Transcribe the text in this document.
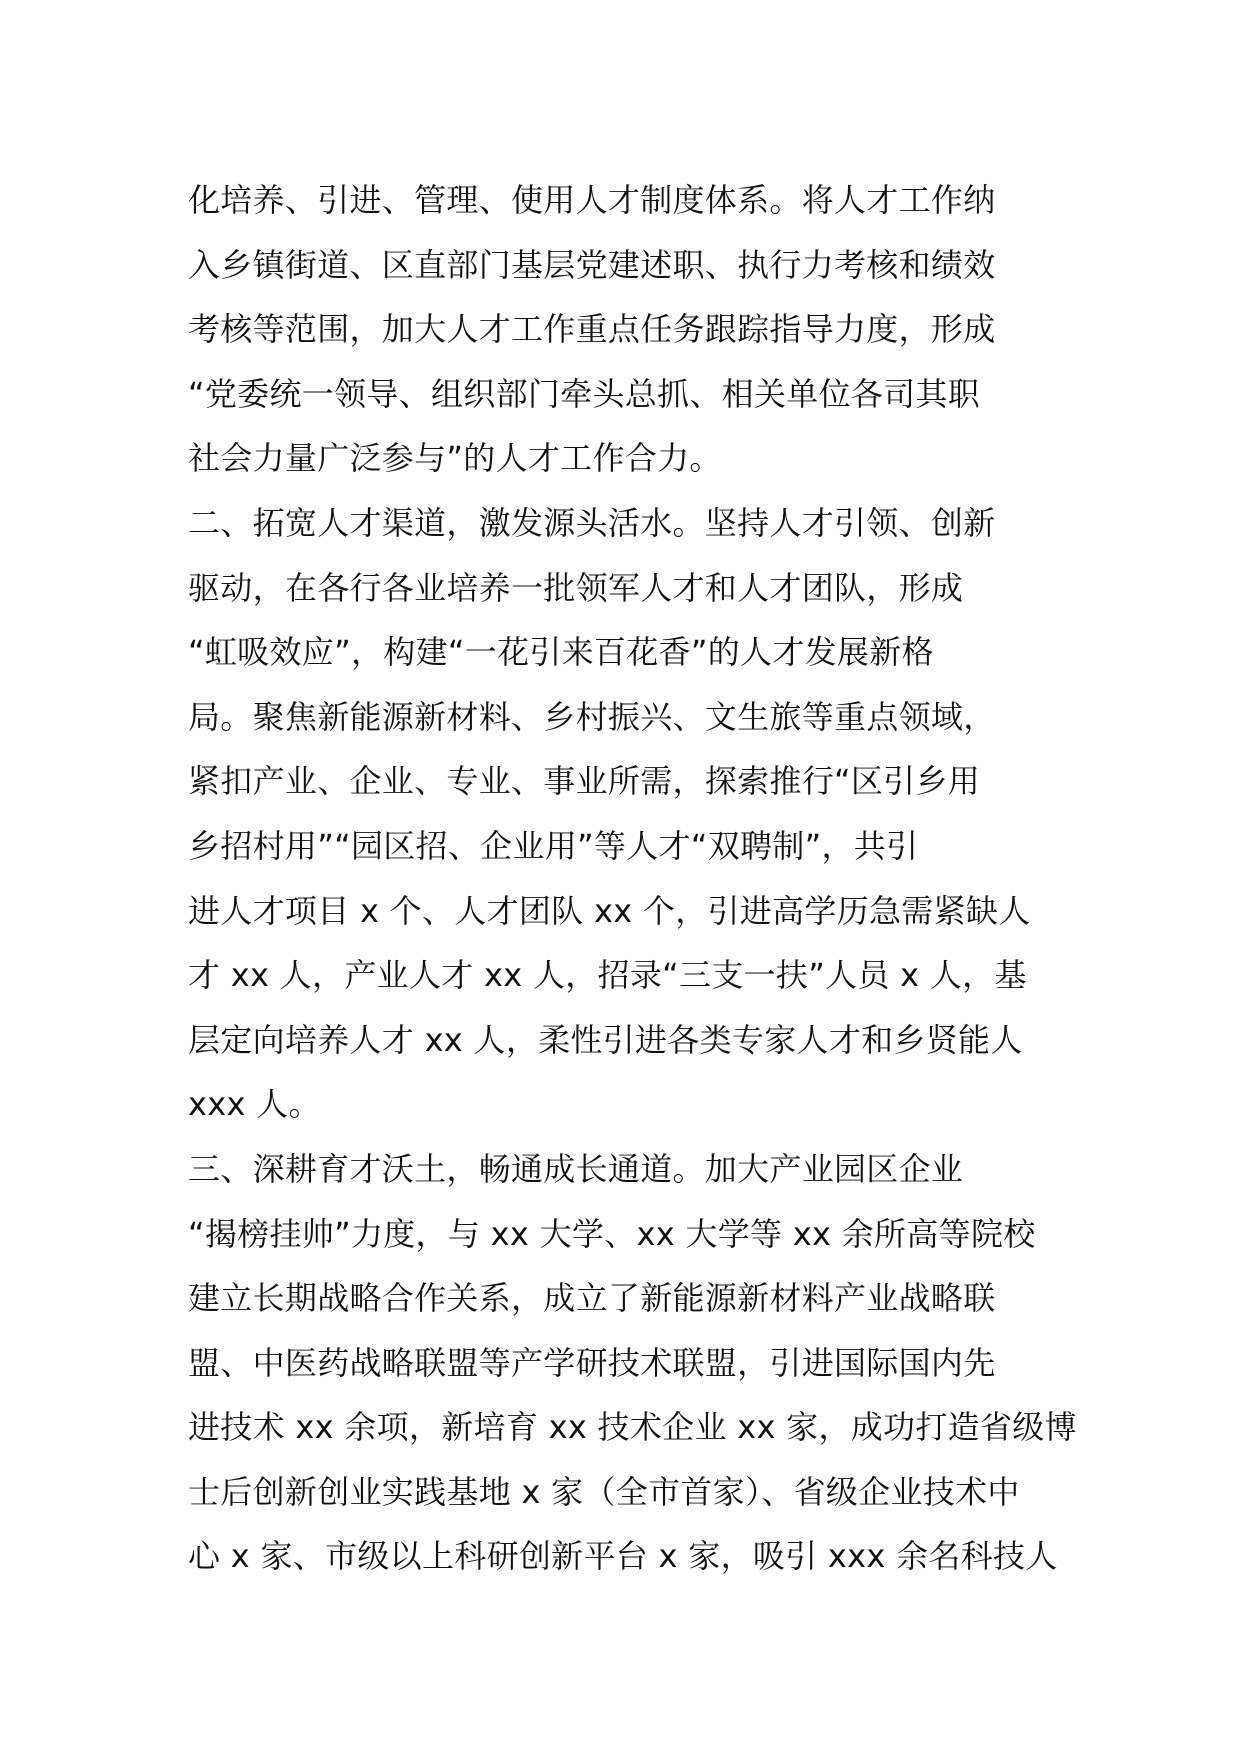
化培养、引进、管理、使用人才制度体系。将人才工作纳
入乡镇街道、区直部门基层党建述职、执行力考核和绩效
考核等范围，加大人才工作重点任务跟踪指导力度，形成
“党委统一领导、组织部门牵头总抓、相关单位各司其职
社会力量广泛参与”的人才工作合力。
二、拓宽人才渠道，激发源头活水。坚持人才引领、创新
驱动，在各行各业培养一批领军人才和人才团队，形成
“虹吸效应”，构建“一花引来百花香”的人才发展新格
局。聚焦新能源新材料、乡村振兴、文生旅等重点领域，
紧扣产业、企业、专业、事业所需，探索推行“区引乡用
乡招村用”“园区招、企业用”等人才“双聘制”，共引
进人才项目 x 个、人才团队 xx 个，引进高学历急需紧缺人
才 xx 人，产业人才 xx 人，招录“三支一扶”人员 x 人，基
层定向培养人才 xx 人，柔性引进各类专家人才和乡贤能人
xxx 人。
三、深耕育才沃土，畅通成长通道。加大产业园区企业
“揭榜挂帅”力度，与 xx 大学、xx 大学等 xx 余所高等院校
建立长期战略合作关系，成立了新能源新材料产业战略联
盟、中医药战略联盟等产学研技术联盟，引进国际国内先
进技术 xx 余项，新培育 xx 技术企业 xx 家，成功打造省级博
士后创新创业实践基地 x 家（全市首家）、省级企业技术中
心 x 家、市级以上科研创新平台 x 家，吸引 xxx 余名科技人
